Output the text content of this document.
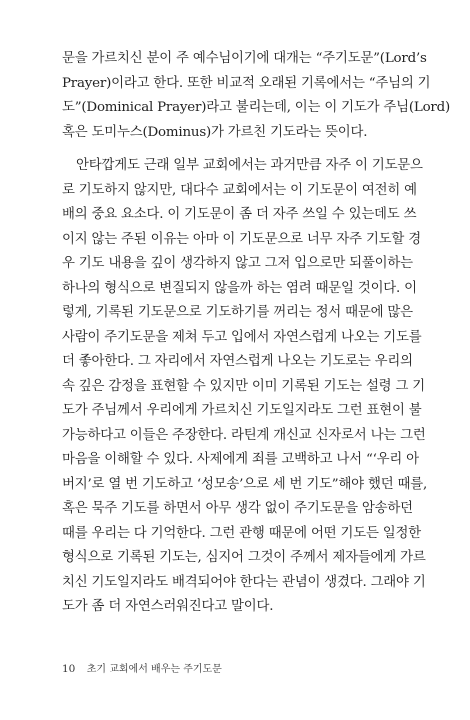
문을 가르치신 분이 주 예수님이기에 대개는 “주기도문”(Lord’s
Prayer)이라고 한다. 또한 비교적 오래된 기록에서는 “주님의 기
도”(Dominical Prayer)라고 불리는데, 이는 이 기도가 주님(Lord)
혹은 도미누스(Dominus)가 가르친 기도라는 뜻이다.
안타깝게도 근래 일부 교회에서는 과거만큼 자주 이 기도문으
로 기도하지 않지만, 대다수 교회에서는 이 기도문이 여전히 예
배의 중요 요소다. 이 기도문이 좀 더 자주 쓰일 수 있는데도 쓰
이지 않는 주된 이유는 아마 이 기도문으로 너무 자주 기도할 경
우 기도 내용을 깊이 생각하지 않고 그저 입으로만 되풀이하는
하나의 형식으로 변질되지 않을까 하는 염려 때문일 것이다. 이
렇게, 기록된 기도문으로 기도하기를 꺼리는 정서 때문에 많은
사람이 주기도문을 제쳐 두고 입에서 자연스럽게 나오는 기도를
더 좋아한다. 그 자리에서 자연스럽게 나오는 기도로는 우리의
속 깊은 감정을 표현할 수 있지만 이미 기록된 기도는 설령 그 기
도가 주님께서 우리에게 가르치신 기도일지라도 그런 표현이 불
가능하다고 이들은 주장한다. 라틴계 개신교 신자로서 나는 그런
마음을 이해할 수 있다. 사제에게 죄를 고백하고 나서 “‘우리 아
버지’로 열 번 기도하고 ‘성모송’으로 세 번 기도”해야 했던 때를,
혹은 묵주 기도를 하면서 아무 생각 없이 주기도문을 암송하던
때를 우리는 다 기억한다. 그런 관행 때문에 어떤 기도든 일정한
형식으로 기록된 기도는, 심지어 그것이 주께서 제자들에게 가르
치신 기도일지라도 배격되어야 한다는 관념이 생겼다. 그래야 기
도가 좀 더 자연스러워진다고 말이다.
10 초기 교회에서 배우는 주기도문
